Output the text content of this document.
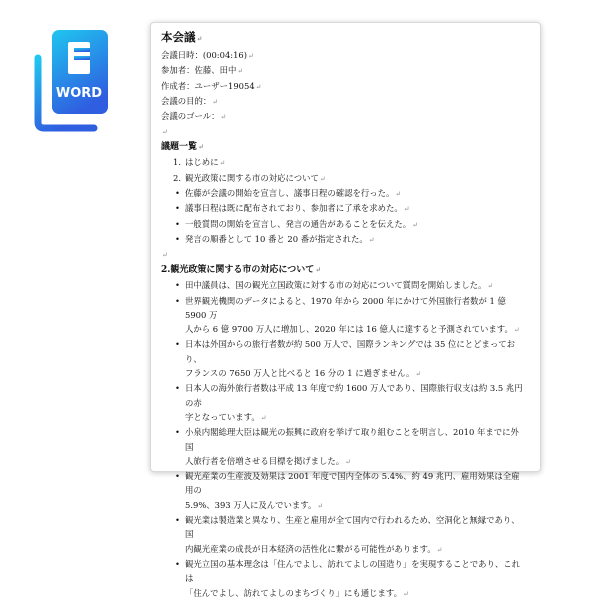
WORD
本会議↵
会議日時：(00:04:16)↵
参加者：佐藤、田中↵
作成者：ユーザー19054↵
会議の目的：↵
会議のゴール：↵
↵
議題一覧↵
1. はじめに↵
2. 観光政策に関する市の対応について↵
• 佐藤が会議の開始を宣言し、議事日程の確認を行った。↵
• 議事日程は既に配布されており、参加者に了承を求めた。↵
• 一般質問の開始を宣言し、発言の通告があることを伝えた。↵
• 発言の順番として 10 番と 20 番が指定された。↵
↵
2.観光政策に関する市の対応について↵
• 田中議員は、国の観光立国政策に対する市の対応について質問を開始しました。↵
• 世界観光機関のデータによると、1970 年から 2000 年にかけて外国旅行者数が 1 億 5900 万
人から 6 億 9700 万人に増加し、2020 年には 16 億人に達すると予測されています。↵
• 日本は外国からの旅行者数が約 500 万人で、国際ランキングでは 35 位にとどまっており、
フランスの 7650 万人と比べると 16 分の 1 に過ぎません。↵
• 日本人の海外旅行者数は平成 13 年度で約 1600 万人であり、国際旅行収支は約 3.5 兆円の赤
字となっています。↵
• 小泉内閣総理大臣は観光の振興に政府を挙げて取り組むことを明言し、2010 年までに外国
人旅行者を倍増させる目標を掲げました。↵
• 観光産業の生産波及効果は 2001 年度で国内全体の 5.4%、約 49 兆円、雇用効果は全雇用の
5.9%、393 万人に及んでいます。↵
• 観光業は製造業と異なり、生産と雇用が全て国内で行われるため、空洞化と無縁であり、国
内観光産業の成長が日本経済の活性化に繋がる可能性があります。↵
• 観光立国の基本理念は「住んでよし、訪れてよしの国造り」を実現することであり、これは
「住んでよし、訪れてよしのまちづくり」にも通じます。↵
